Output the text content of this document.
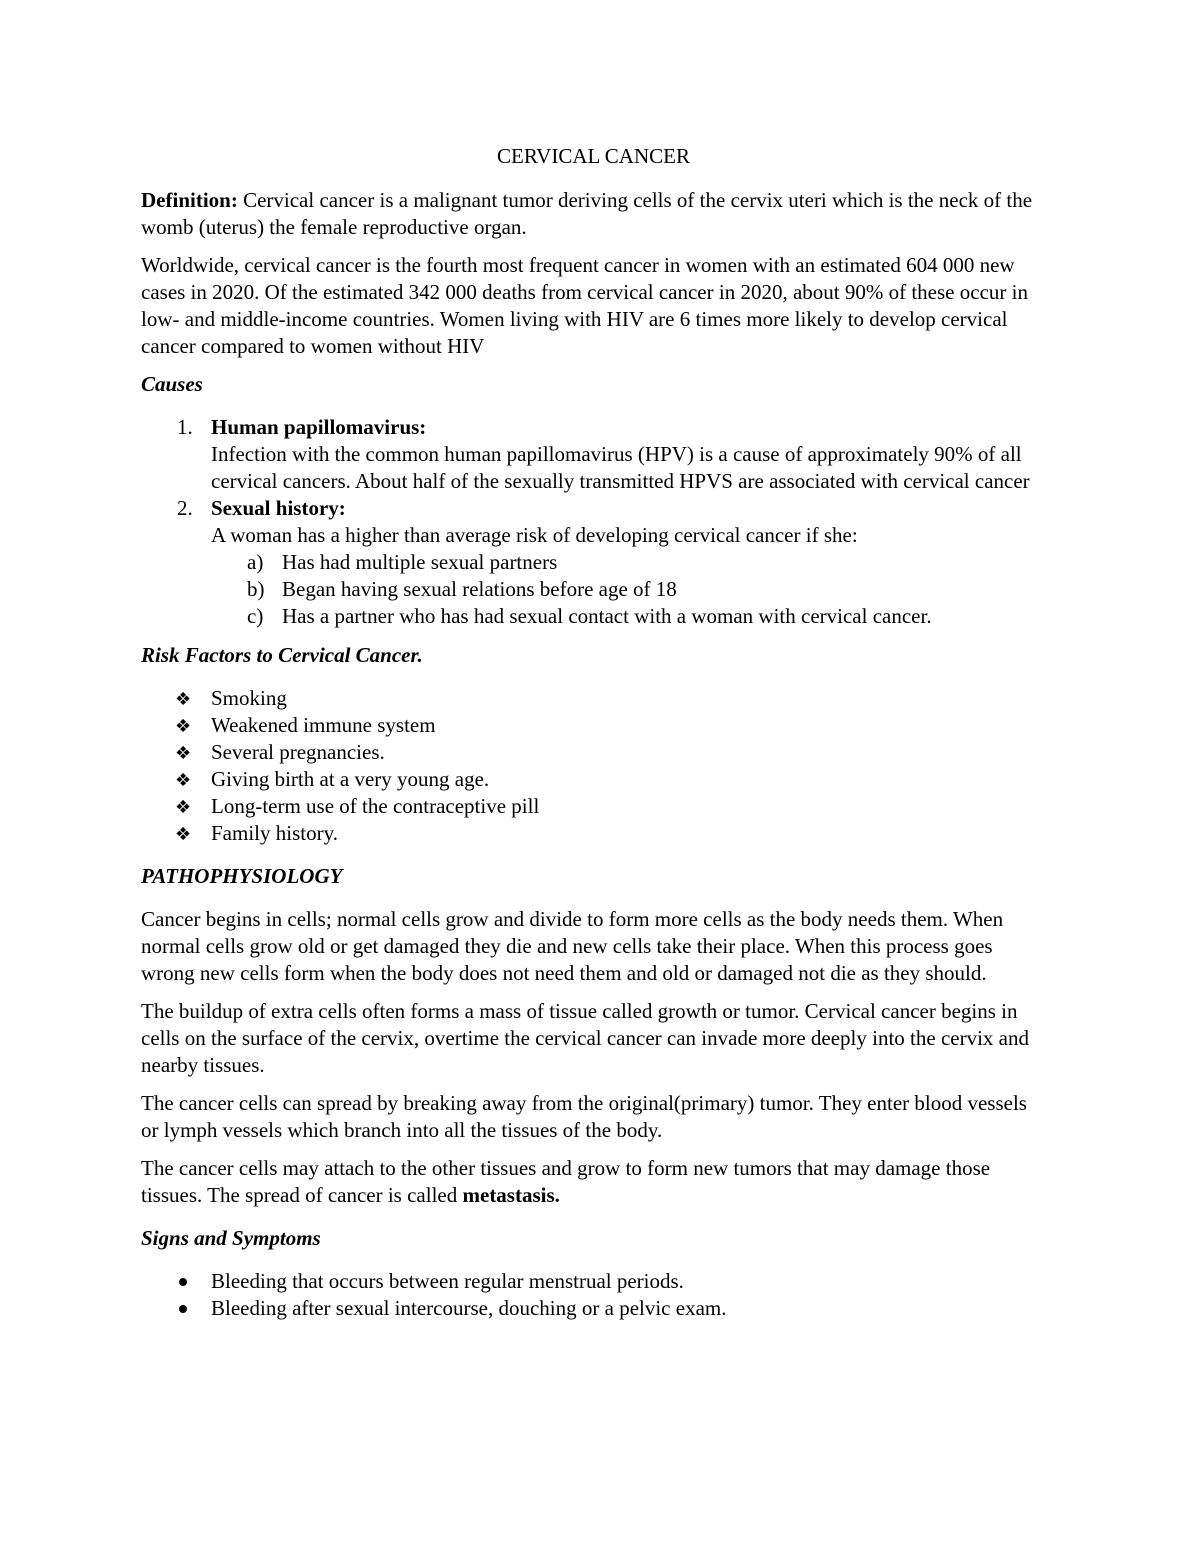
CERVICAL CANCER

Definition: Cervical cancer is a malignant tumor deriving cells of the cervix uteri which is the neck of the womb (uterus) the female reproductive organ.

Worldwide, cervical cancer is the fourth most frequent cancer in women with an estimated 604 000 new cases in 2020. Of the estimated 342 000 deaths from cervical cancer in 2020, about 90% of these occur in low- and middle-income countries. Women living with HIV are 6 times more likely to develop cervical cancer compared to women without HIV

Causes

1. Human papillomavirus:
Infection with the common human papillomavirus (HPV) is a cause of approximately 90% of all cervical cancers. About half of the sexually transmitted HPVS are associated with cervical cancer
2. Sexual history:
A woman has a higher than average risk of developing cervical cancer if she:
a) Has had multiple sexual partners
b) Began having sexual relations before age of 18
c) Has a partner who has had sexual contact with a woman with cervical cancer.

Risk Factors to Cervical Cancer.

❖ Smoking
❖ Weakened immune system
❖ Several pregnancies.
❖ Giving birth at a very young age.
❖ Long-term use of the contraceptive pill
❖ Family history.

PATHOPHYSIOLOGY

Cancer begins in cells; normal cells grow and divide to form more cells as the body needs them. When normal cells grow old or get damaged they die and new cells take their place. When this process goes wrong new cells form when the body does not need them and old or damaged not die as they should.

The buildup of extra cells often forms a mass of tissue called growth or tumor. Cervical cancer begins in cells on the surface of the cervix, overtime the cervical cancer can invade more deeply into the cervix and nearby tissues.

The cancer cells can spread by breaking away from the original(primary) tumor. They enter blood vessels or lymph vessels which branch into all the tissues of the body.

The cancer cells may attach to the other tissues and grow to form new tumors that may damage those tissues. The spread of cancer is called metastasis.

Signs and Symptoms

Bleeding that occurs between regular menstrual periods.
Bleeding after sexual intercourse, douching or a pelvic exam.
